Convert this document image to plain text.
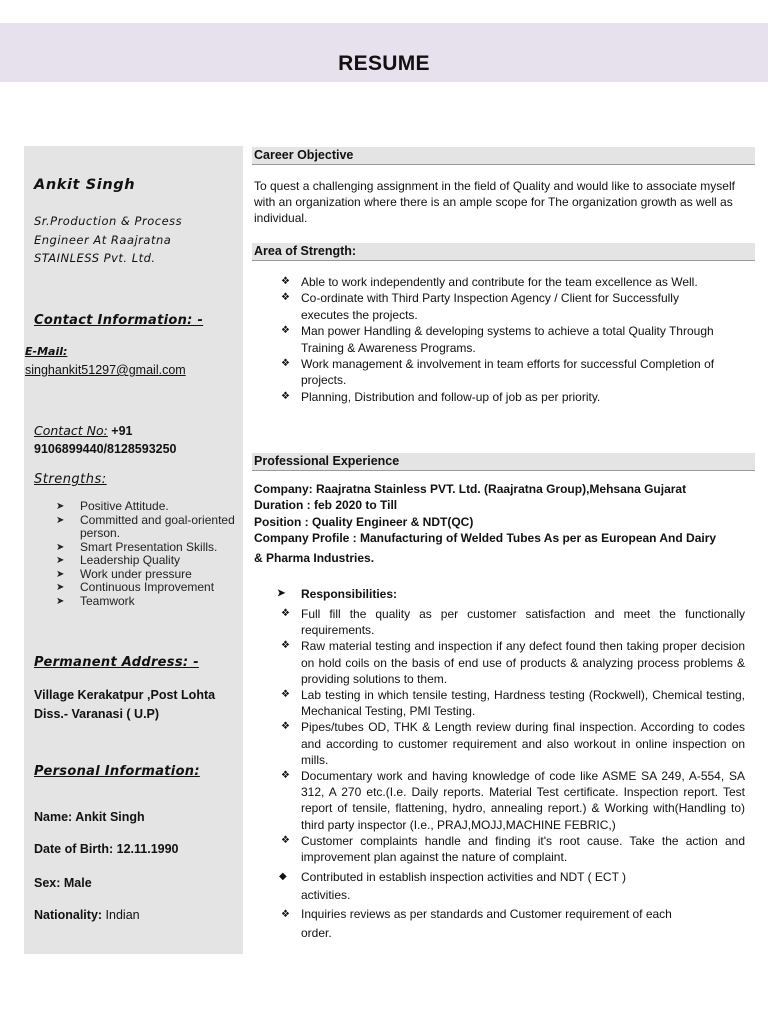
RESUME
Ankit Singh
Sr.Production & Process
Engineer At Raajratna
STAINLESS Pvt. Ltd.
Contact Information: -
E-Mail:
singhankit51297@gmail.com
Contact No: +91
9106899440/8128593250
Strengths:
➤ Positive Attitude.
➤ Committed and goal-oriented person.
➤ Smart Presentation Skills.
➤ Leadership Quality
➤ Work under pressure
➤ Continuous Improvement
➤ Teamwork
Permanent Address: -
Village Kerakatpur ,Post Lohta
Diss.- Varanasi ( U.P)
Personal Information:
Name: Ankit Singh
Date of Birth: 12.11.1990
Sex: Male
Nationality: Indian
Career Objective
To quest a challenging assignment in the field of Quality and would like to associate myself with an organization where there is an ample scope for The organization growth as well as individual.
Area of Strength:
❖ Able to work independently and contribute for the team excellence as Well.
❖ Co-ordinate with Third Party Inspection Agency / Client for Successfully executes the projects.
❖ Man power Handling & developing systems to achieve a total Quality Through Training & Awareness Programs.
❖ Work management & involvement in team efforts for successful Completion of projects.
❖ Planning, Distribution and follow-up of job as per priority.
Professional Experience
Company: Raajratna Stainless PVT. Ltd. (Raajratna Group),Mehsana Gujarat
Duration : feb 2020 to Till
Position : Quality Engineer & NDT(QC)
Company Profile : Manufacturing of Welded Tubes As per as European And Dairy
& Pharma Industries.
➤ Responsibilities:
❖ Full fill the quality as per customer satisfaction and meet the functionally requirements.
❖ Raw material testing and inspection if any defect found then taking proper decision on hold coils on the basis of end use of products & analyzing process problems & providing solutions to them.
❖ Lab testing in which tensile testing, Hardness testing (Rockwell), Chemical testing, Mechanical Testing, PMI Testing.
❖ Pipes/tubes OD, THK & Length review during final inspection. According to codes and according to customer requirement and also workout in online inspection on mills.
❖ Documentary work and having knowledge of code like ASME SA 249, A-554, SA 312, A 270 etc.(I.e. Daily reports. Material Test certificate. Inspection report. Test report of tensile, flattening, hydro, annealing report.) & Working with(Handling to) third party inspector (I.e., PRAJ,MOJJ,MACHINE FEBRIC,)
❖ Customer complaints handle and finding it's root cause. Take the action and improvement plan against the nature of complaint.
◆	Contributed in establish inspection activities and NDT ( ECT )
activities.
❖ Inquiries reviews as per standards and Customer requirement of each
order.
